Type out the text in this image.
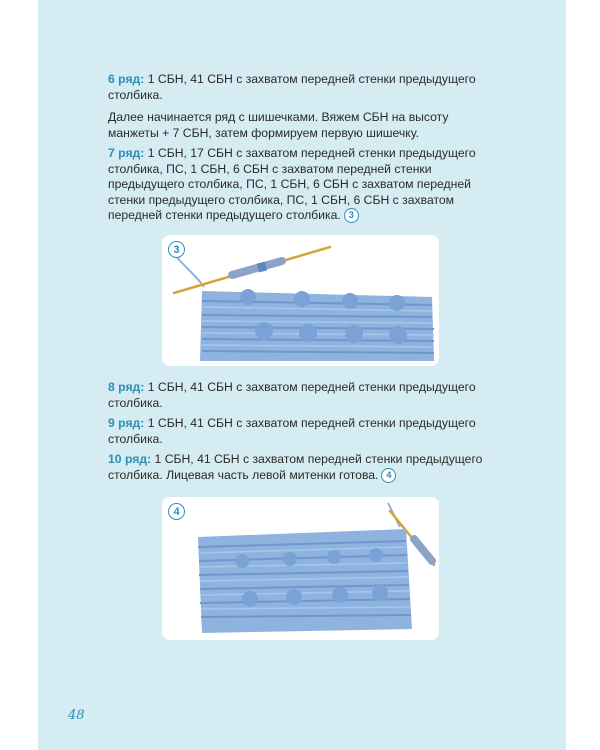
6 ряд: 1 СБН, 41 СБН с захватом передней стенки предыдущего столбика.
Далее начинается ряд с шишечками. Вяжем СБН на высоту манжеты + 7 СБН, затем формируем первую шишечку.
7 ряд: 1 СБН, 17 СБН с захватом передней стенки предыдущего столбика, ПС, 1 СБН, 6 СБН с захватом передней стенки предыдущего столбика, ПС, 1 СБН, 6 СБН с захватом передней стенки предыдущего столбика, ПС, 1 СБН, 6 СБН с захватом передней стенки предыдущего столбика. 3
3
8 ряд: 1 СБН, 41 СБН с захватом передней стенки предыдущего столбика.
9 ряд: 1 СБН, 41 СБН с захватом передней стенки предыдущего столбика.
10 ряд: 1 СБН, 41 СБН с захватом передней стенки предыдущего столбика. Лицевая часть левой митенки готова. 4
4
48
